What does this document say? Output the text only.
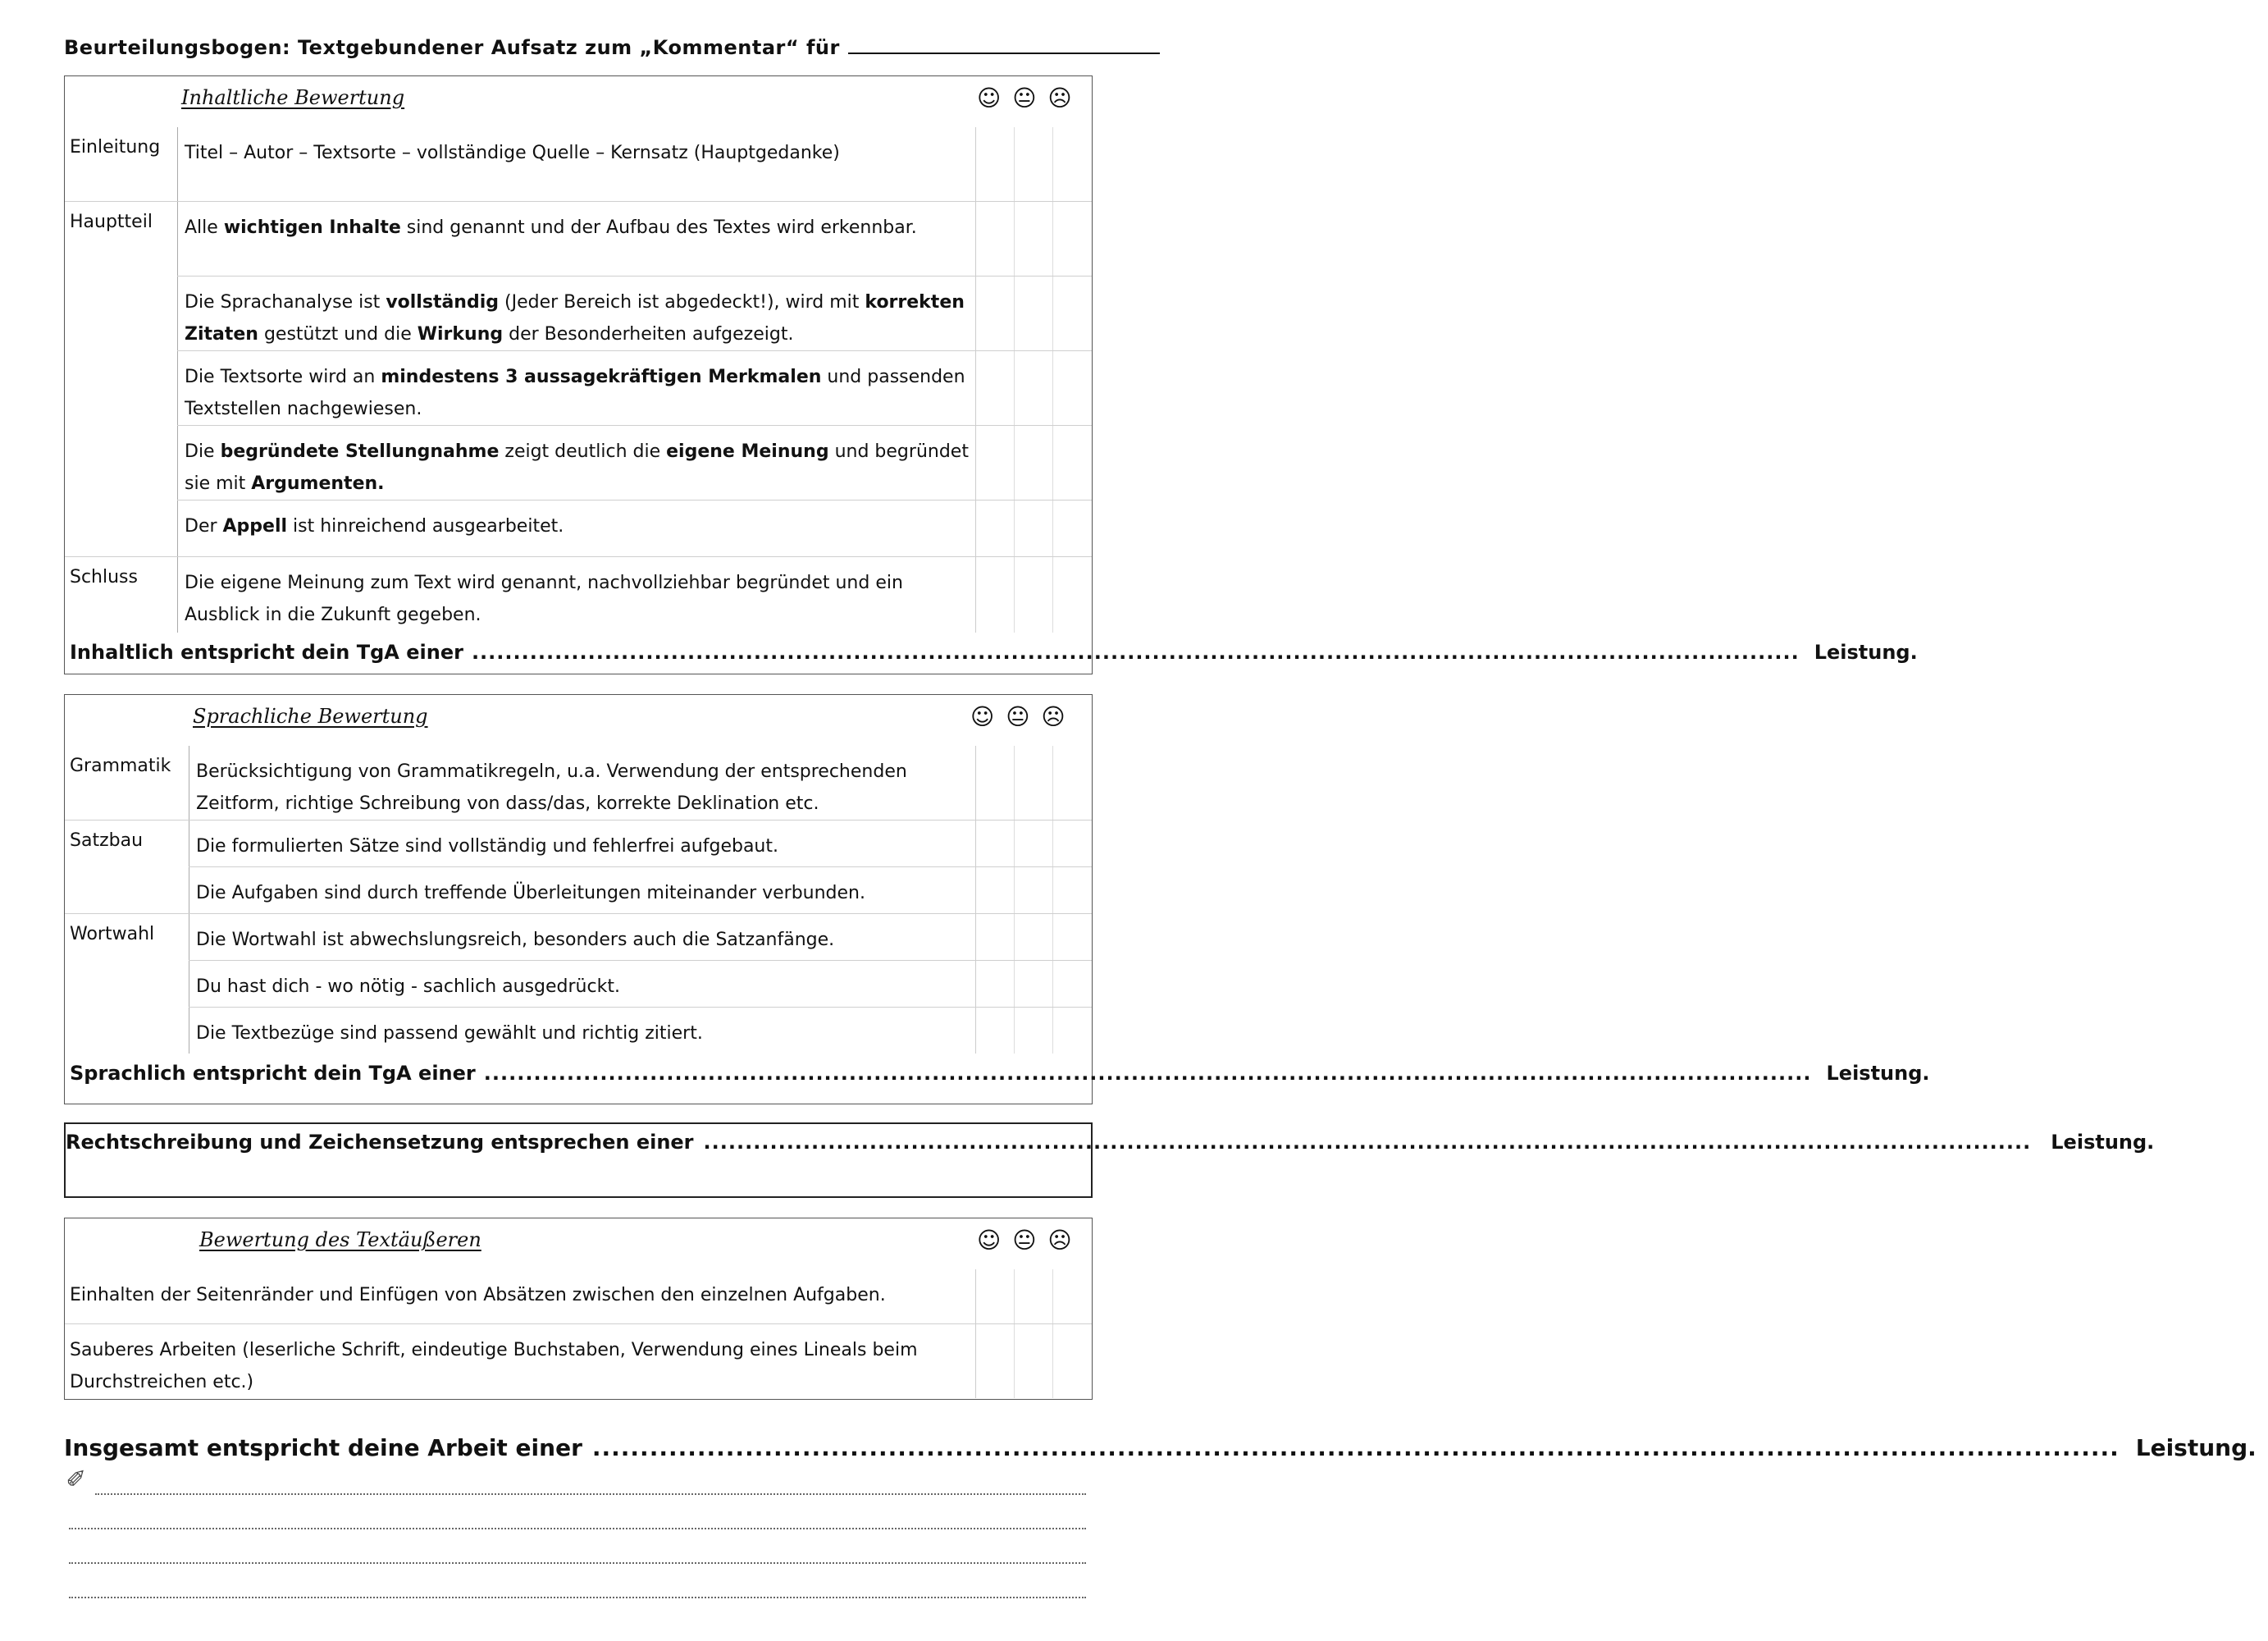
Beurteilungsbogen: Textgebundener Aufsatz zum „Kommentar“ für
Inhaltliche Bewertung	☺😐☹
Einleitung	Titel – Autor – Textsorte – vollständige Quelle – Kernsatz (Hauptgedanke)
Hauptteil	Alle wichtigen Inhalte sind genannt und der Aufbau des Textes wird erkennbar.
Die Sprachanalyse ist vollständig (Jeder Bereich ist abgedeckt!), wird mit korrekten Zitaten gestützt und die Wirkung der Besonderheiten aufgezeigt.
Die Textsorte wird an mindestens 3 aussagekräftigen Merkmalen und passenden Textstellen nachgewiesen.
Die begründete Stellungnahme zeigt deutlich die eigene Meinung und begründet sie mit Argumenten.
Der Appell ist hinreichend ausgearbeitet.
Schluss	Die eigene Meinung zum Text wird genannt, nachvollziehbar begründet und ein Ausblick in die Zukunft gegeben.
Inhaltlich entspricht dein TgA einer ................................................................................................................................................................ Leistung.
Sprachliche Bewertung	☺😐☹
Grammatik	Berücksichtigung von Grammatikregeln, u.a. Verwendung der entsprechenden Zeitform, richtige Schreibung von dass/das, korrekte Deklination etc.
Satzbau	Die formulierten Sätze sind vollständig und fehlerfrei aufgebaut.
Die Aufgaben sind durch treffende Überleitungen miteinander verbunden.
Wortwahl	Die Wortwahl ist abwechslungsreich, besonders auch die Satzanfänge.
Du hast dich - wo nötig - sachlich ausgedrückt.
Die Textbezüge sind passend gewählt und richtig zitiert.
Sprachlich entspricht dein TgA einer ................................................................................................................................................................ Leistung.
Rechtschreibung und Zeichensetzung entsprechen einer ................................................................................................................................................................	Leistung.
Bewertung des Textäußeren	☺😐☹
Einhalten der Seitenränder und Einfügen von Absätzen zwischen den einzelnen Aufgaben.
Sauberes Arbeiten (leserliche Schrift, eindeutige Buchstaben, Verwendung eines Lineals beim Durchstreichen etc.)
Insgesamt entspricht deine Arbeit einer ................................................................................................................................................................ Leistung.
✐
